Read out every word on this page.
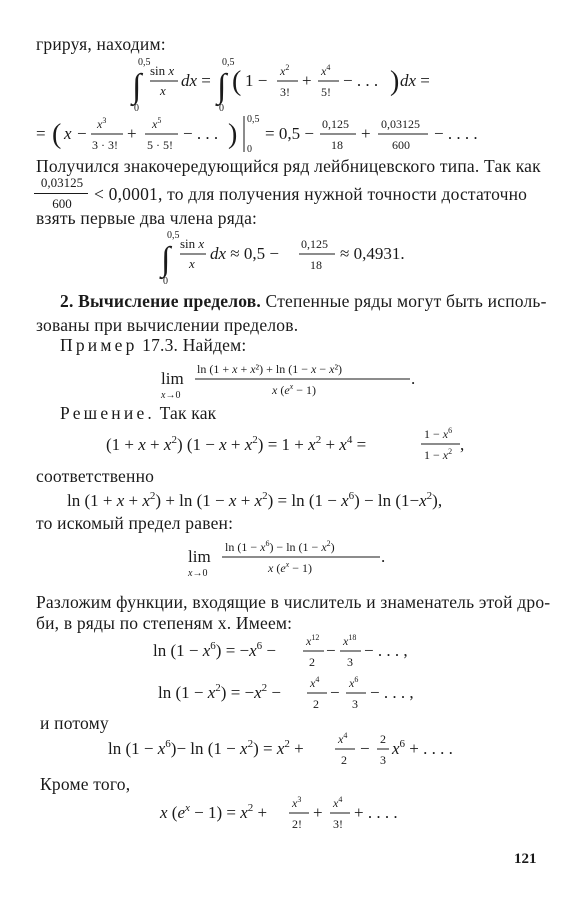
грируя, находим:
0,5
∫
0
sin x
x
dx =
0,5
∫
0
( $1 - x^2$
3!
+ $x^4$
5!
− . . . ) dx =
= ( $x - x^3$
3 · 3!
+ $x^5$
5 · 5!
− . . . ) 0,5
0
= 0,5 − 0,125
18
+ 0,03125
600
− . . . .
Получился знакочередующийся ряд лейбницевского типа. Так как
0,03125
600	< 0,0001, то для получения нужной точности достаточно
взять первые два члена ряда:
0,5
∫
0
sin x
x
dx ≈ 0,5 − 0,125
18
≈ 0,4931.
2. Вычисление пределов. Степенные ряды могут быть исполь-
зованы при вычислении пределов.
Пример 17.3. Найдем:
lim
x→0
ln (1 + x + x²) + ln (1 − x − x²)
x $(e^x - 1)$
.
Решение. Так как
$(1 + x + x^2)$ $(1 - x + x^2) = 1 + x^2 + x^4$ =
$1 - x^6$
$1 - x^2$ ,
соответственно
$\ln (1 + x + x^2) + \ln (1 - x + x^2) = \ln (1 - x^6) - \ln (1-x^2)$,
то искомый предел равен:
lim
x→0
$\ln (1 - x^6) - \ln (1 - x^2)$
x $(e^x - 1)$
.
Разложим функции, входящие в числитель и знаменатель этой дро-
би, в ряды по степеням x. Имеем:
$\ln (1 - x^6) = -x^6 - x^{12}$
2
− $x^{18}$
3
− . . . ,
$\ln (1 - x^2) = -x^2 - x^4$
2
− $x^6$
3
− . . . ,
и потому
$\ln (1 - x^6)- \ln (1 - x^2) = x^2$ +	$x^4$
2
− 2
3
$x^6$ + . . . .
Кроме того,
x $(e^x - 1) = x^2 + x^3$
2!
+ $x^4$
3!
+ . . . .
121
